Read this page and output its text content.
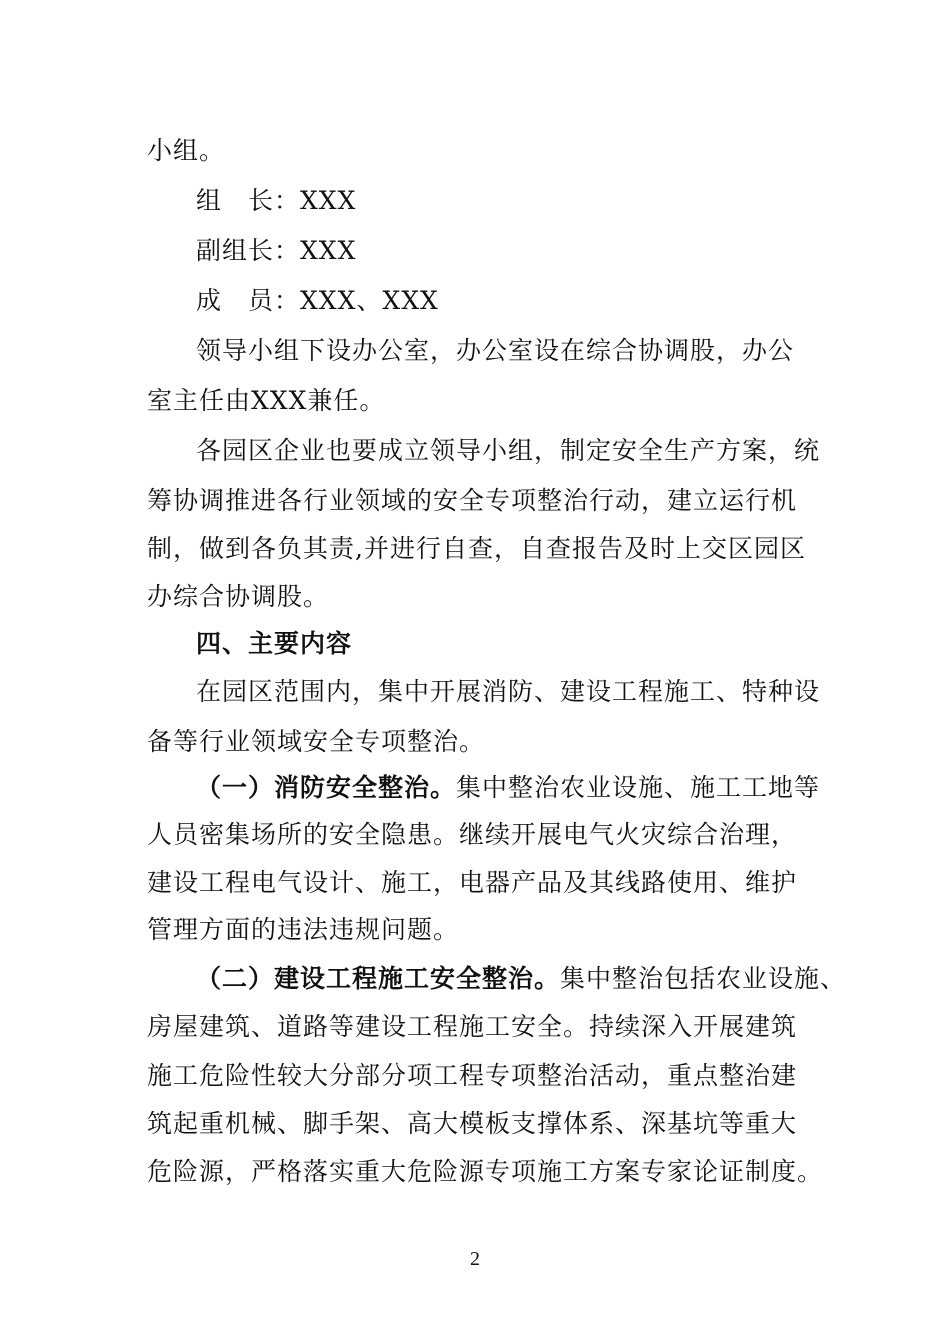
小组。
组　长：XXX
副组长：XXX
成　员：XXX、XXX
领导小组下设办公室，办公室设在综合协调股，办公
室主任由XXX兼任。
各园区企业也要成立领导小组，制定安全生产方案，统
筹协调推进各行业领域的安全专项整治行动，建立运行机
制，做到各负其责,并进行自查，自查报告及时上交区园区
办综合协调股。
四、主要内容
在园区范围内，集中开展消防、建设工程施工、特种设
备等行业领域安全专项整治。
（一）消防安全整治。集中整治农业设施、施工工地等
人员密集场所的安全隐患。继续开展电气火灾综合治理，
建设工程电气设计、施工，电器产品及其线路使用、维护
管理方面的违法违规问题。
（二）建设工程施工安全整治。集中整治包括农业设施、
房屋建筑、道路等建设工程施工安全。持续深入开展建筑
施工危险性较大分部分项工程专项整治活动，重点整治建
筑起重机械、脚手架、高大模板支撑体系、深基坑等重大
危险源，严格落实重大危险源专项施工方案专家论证制度。
2
